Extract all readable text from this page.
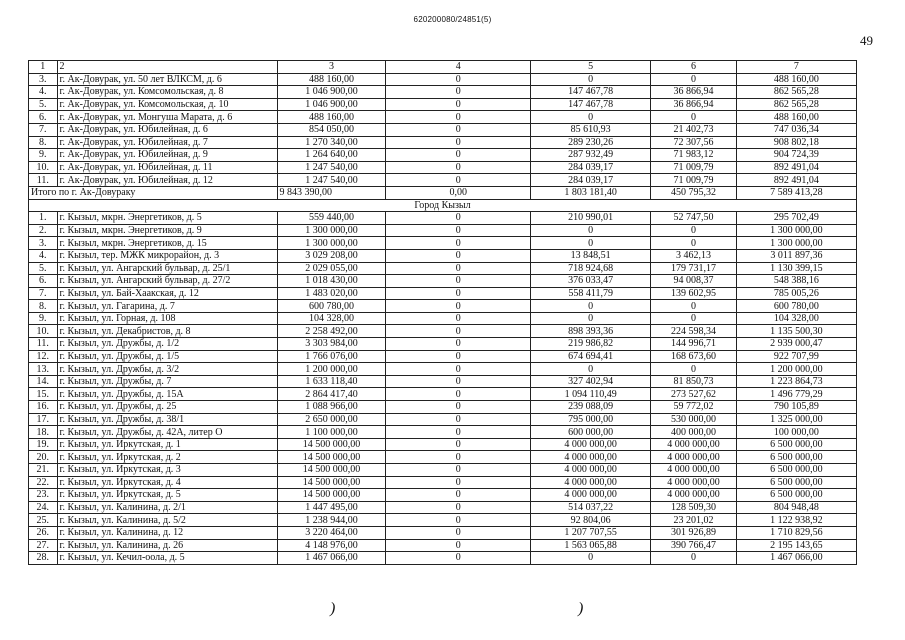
620200080/24851(5)
49
1	2	3	4	5	6	7
3.	г. Ак-Довурак, ул. 50 лет ВЛКСМ, д. 6	488 160,00	0	0	0	488 160,00
4.	г. Ак-Довурак, ул. Комсомольская, д. 8	1 046 900,00	0	147 467,78	36 866,94	862 565,28
5.	г. Ак-Довурак, ул. Комсомольская, д. 10	1 046 900,00	0	147 467,78	36 866,94	862 565,28
6.	г. Ак-Довурак, ул. Монгуша Марата, д. 6	488 160,00	0	0	0	488 160,00
7.	г. Ак-Довурак, ул. Юбилейная, д. 6	854 050,00	0	85 610,93	21 402,73	747 036,34
8.	г. Ак-Довурак, ул. Юбилейная, д. 7	1 270 340,00	0	289 230,26	72 307,56	908 802,18
9.	г. Ак-Довурак, ул. Юбилейная, д. 9	1 264 640,00	0	287 932,49	71 983,12	904 724,39
10.	г. Ак-Довурак, ул. Юбилейная, д. 11	1 247 540,00	0	284 039,17	71 009,79	892 491,04
11.	г. Ак-Довурак, ул. Юбилейная, д. 12	1 247 540,00	0	284 039,17	71 009,79	892 491,04
Итого по г. Ак-Довураку		9 843 390,00	0,00	1 803 181,40	450 795,32	7 589 413,28
Город Кызыл						
1.	г. Кызыл, мкрн. Энергетиков, д. 5	559 440,00	0	210 990,01	52 747,50	295 702,49
2.	г. Кызыл, мкрн. Энергетиков, д. 9	1 300 000,00	0	0	0	1 300 000,00
3.	г. Кызыл, мкрн. Энергетиков, д. 15	1 300 000,00	0	0	0	1 300 000,00
4.	г. Кызыл, тер. МЖК микрорайон, д. 3	3 029 208,00	0	13 848,51	3 462,13	3 011 897,36
5.	г. Кызыл, ул. Ангарский бульвар, д. 25/1	2 029 055,00	0	718 924,68	179 731,17	1 130 399,15
6.	г. Кызыл, ул. Ангарский бульвар, д. 27/2	1 018 430,00	0	376 033,47	94 008,37	548 388,16
7.	г. Кызыл, ул. Бай-Хаакская, д. 12	1 483 020,00	0	558 411,79	139 602,95	785 005,26
8.	г. Кызыл, ул. Гагарина, д. 7	600 780,00	0	0	0	600 780,00
9.	г. Кызыл, ул. Горная, д. 108	104 328,00	0	0	0	104 328,00
10.	г. Кызыл, ул. Декабристов, д. 8	2 258 492,00	0	898 393,36	224 598,34	1 135 500,30
11.	г. Кызыл, ул. Дружбы, д. 1/2	3 303 984,00	0	219 986,82	144 996,71	2 939 000,47
12.	г. Кызыл, ул. Дружбы, д. 1/5	1 766 076,00	0	674 694,41	168 673,60	922 707,99
13.	г. Кызыл, ул. Дружбы, д. 3/2	1 200 000,00	0	0	0	1 200 000,00
14.	г. Кызыл, ул. Дружбы, д. 7	1 633 118,40	0	327 402,94	81 850,73	1 223 864,73
15.	г. Кызыл, ул. Дружбы, д. 15А	2 864 417,40	0	1 094 110,49	273 527,62	1 496 779,29
16.	г. Кызыл, ул. Дружбы, д. 25	1 088 966,00	0	239 088,09	59 772,02	790 105,89
17.	г. Кызыл, ул. Дружбы, д. 38/1	2 650 000,00	0	795 000,00	530 000,00	1 325 000,00
18.	г. Кызыл, ул. Дружбы, д. 42А, литер О	1 100 000,00	0	600 000,00	400 000,00	100 000,00
19.	г. Кызыл, ул. Иркутская, д. 1	14 500 000,00	0	4 000 000,00	4 000 000,00	6 500 000,00
20.	г. Кызыл, ул. Иркутская, д. 2	14 500 000,00	0	4 000 000,00	4 000 000,00	6 500 000,00
21.	г. Кызыл, ул. Иркутская, д. 3	14 500 000,00	0	4 000 000,00	4 000 000,00	6 500 000,00
22.	г. Кызыл, ул. Иркутская, д. 4	14 500 000,00	0	4 000 000,00	4 000 000,00	6 500 000,00
23.	г. Кызыл, ул. Иркутская, д. 5	14 500 000,00	0	4 000 000,00	4 000 000,00	6 500 000,00
24.	г. Кызыл, ул. Калинина, д. 2/1	1 447 495,00	0	514 037,22	128 509,30	804 948,48
25.	г. Кызыл, ул. Калинина, д. 5/2	1 238 944,00	0	92 804,06	23 201,02	1 122 938,92
26.	г. Кызыл, ул. Калинина, д. 12	3 220 464,00	0	1 207 707,55	301 926,89	1 710 829,56
27.	г. Кызыл, ул. Калинина, д. 26	4 148 976,00	0	1 563 065,88	390 766,47	2 195 143,65
28.	г. Кызыл, ул. Кечил-оола, д. 5	1 467 066,00	0	0	0	1 467 066,00
)	)
